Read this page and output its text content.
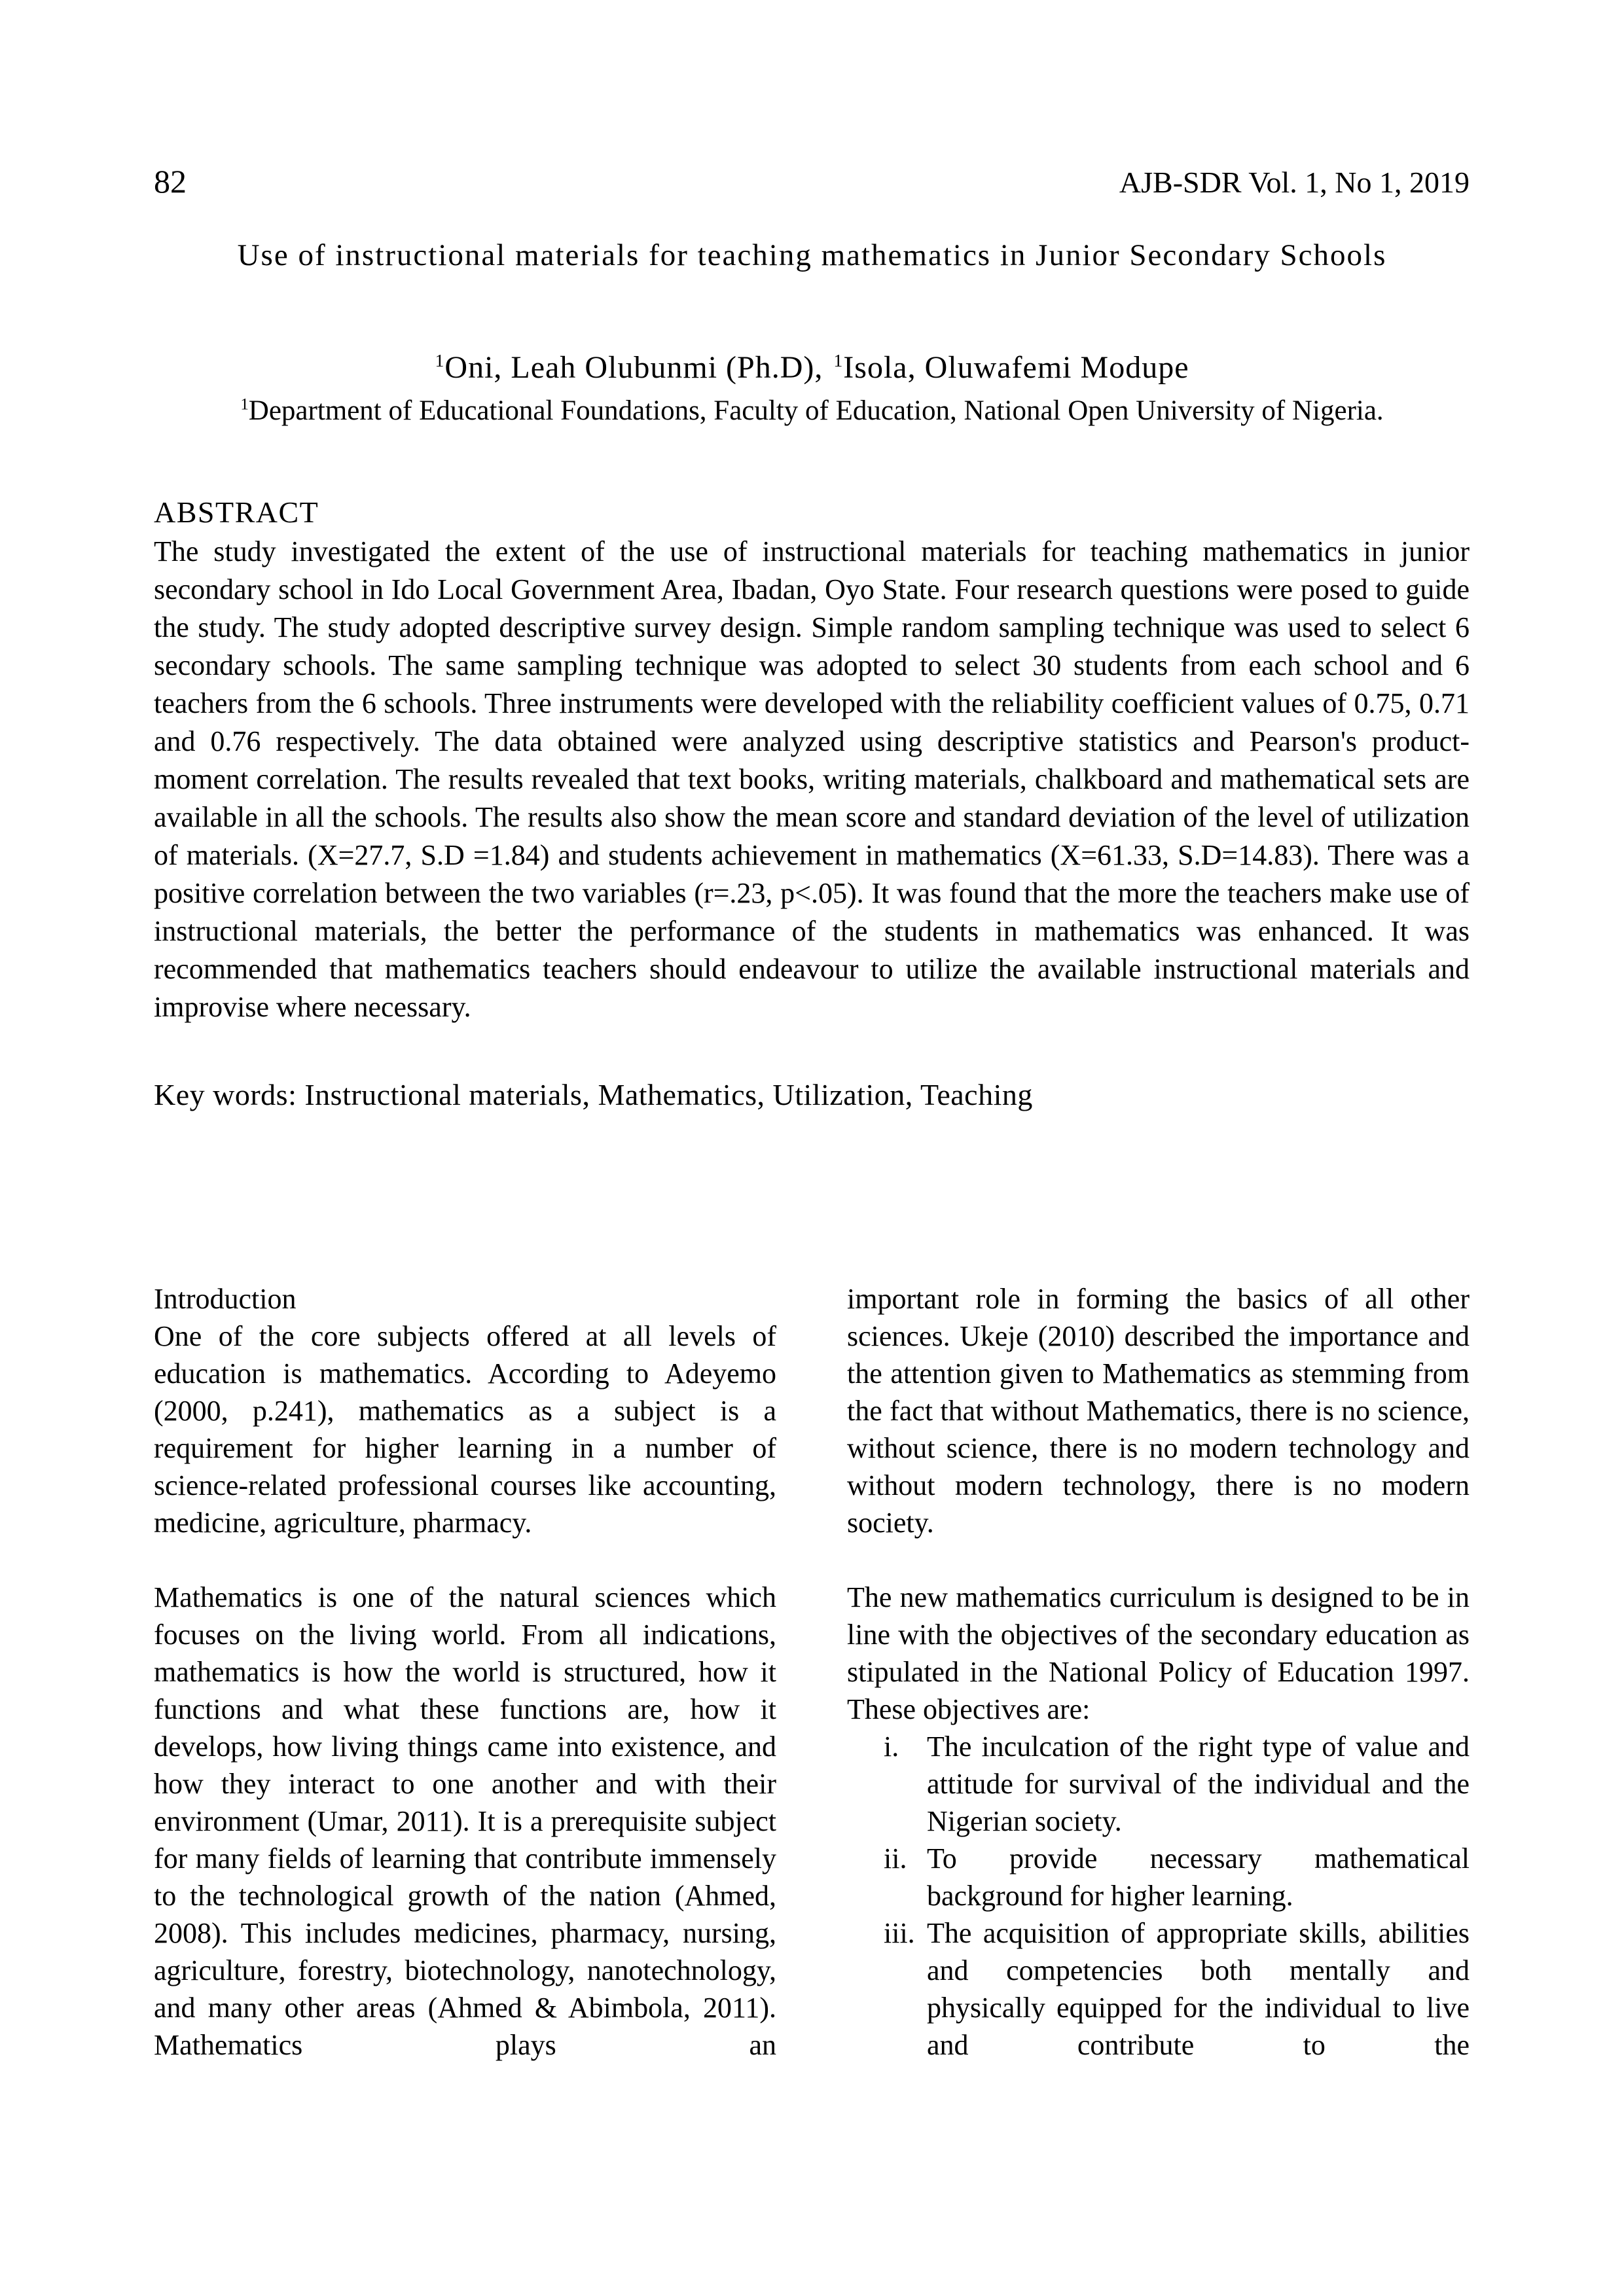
82	AJB-SDR Vol. 1, No 1, 2019
Use of instructional materials for teaching mathematics in Junior Secondary Schools
$^1$Oni, Leah Olubunmi (Ph.D), $^1$Isola, Oluwafemi Modupe
$^1$Department of Educational Foundations, Faculty of Education, National Open University of Nigeria.
ABSTRACT
The study investigated the extent of the use of instructional materials for teaching mathematics in junior secondary school in Ido Local Government Area, Ibadan, Oyo State. Four research questions were posed to guide the study. The study adopted descriptive survey design. Simple random sampling technique was used to select 6 secondary schools. The same sampling technique was adopted to select 30 students from each school and 6 teachers from the 6 schools. Three instruments were developed with the reliability coefficient values of 0.75, 0.71 and 0.76 respectively. The data obtained were analyzed using descriptive statistics and Pearson's product- moment correlation. The results revealed that text books, writing materials, chalkboard and mathematical sets are available in all the schools. The results also show the mean score and standard deviation of the level of utilization of materials. (X=27.7, S.D =1.84) and students achievement in mathematics (X=61.33, S.D=14.83). There was a positive correlation between the two variables (r=.23, p<.05). It was found that the more the teachers make use of instructional materials, the better the performance of the students in mathematics was enhanced. It was recommended that mathematics teachers should endeavour to utilize the available instructional materials and improvise where necessary.
Key words: Instructional materials, Mathematics, Utilization, Teaching
Introduction

One of the core subjects offered at all levels of education is mathematics. According to Adeyemo (2000, p.241), mathematics as a subject is a requirement for higher learning in a number of science-related professional courses like accounting, medicine, agriculture, pharmacy.

Mathematics is one of the natural sciences which focuses on the living world. From all indications, mathematics is how the world is structured, how it functions and what these functions are, how it develops, how living things came into existence, and how they interact to one another and with their environment (Umar, 2011). It is a prerequisite subject for many fields of learning that contribute immensely to the technological growth of the nation (Ahmed, 2008). This includes medicines, pharmacy, nursing, agriculture, forestry, biotechnology, nanotechnology, and many other areas (Ahmed & Abimbola, 2011). Mathematics plays an

important role in forming the basics of all other sciences. Ukeje (2010) described the importance and the attention given to Mathematics as stemming from the fact that without Mathematics, there is no science, without science, there is no modern technology and without modern technology, there is no modern society.

The new mathematics curriculum is designed to be in line with the objectives of the secondary education as stipulated in the National Policy of Education 1997. These objectives are:

i. The inculcation of the right type of value and attitude for survival of the individual and the Nigerian society.
ii. To provide necessary mathematical background for higher learning.
iii. The acquisition of appropriate skills, abilities and competencies both mentally and physically equipped for the individual to live and contribute to the
